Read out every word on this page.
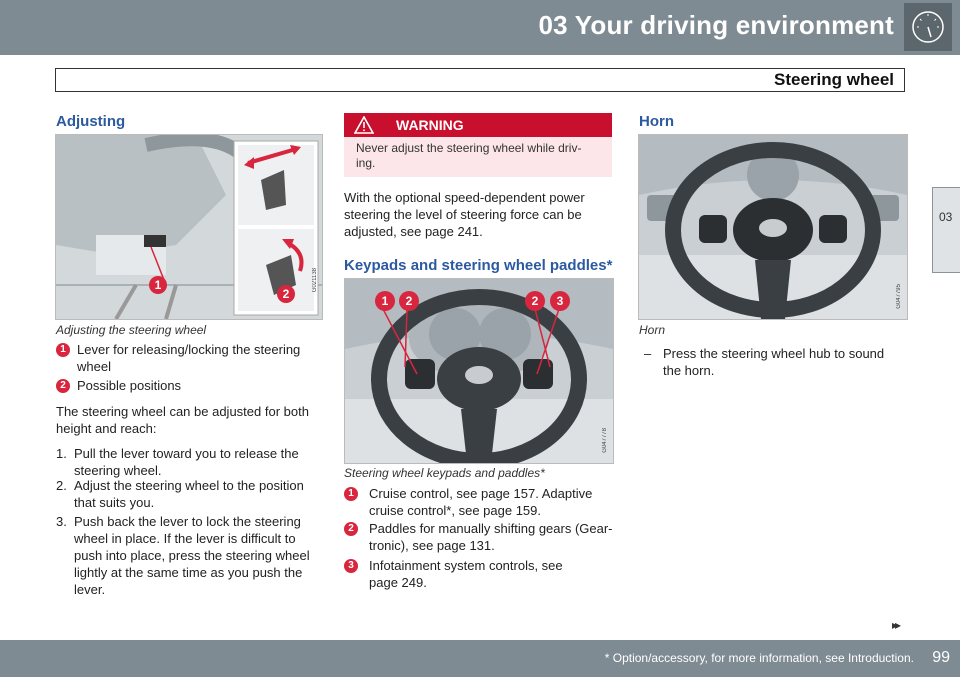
03 Your driving environment
Steering wheel
03
Adjusting
1
2
G021138
Adjusting the steering wheel
1 Lever for releasing/locking the steering
wheel
2 Possible positions
The steering wheel can be adjusted for both
height and reach:
1. Pull the lever toward you to release the
steering wheel.
2. Adjust the steering wheel to the position
that suits you.
3. Push back the lever to lock the steering
wheel in place. If the lever is difficult to
push into place, press the steering wheel
lightly at the same time as you push the
lever.
WARNING
Never adjust the steering wheel while driv-
ing.
With the optional speed-dependent power
steering the level of steering force can be
adjusted, see page 241.
Keypads and steering wheel paddles*
1	2	2	3
G047778
Steering wheel keypads and paddles*
1	Cruise control, see page 157. Adaptive
cruise control*, see page 159.
2	Paddles for manually shifting gears (Gear-
tronic), see page 131.
3	Infotainment system controls, see
page 249.
Horn
G047795
Horn
– Press the steering wheel hub to sound
the horn.
▸▸
* Option/accessory, for more information, see Introduction. 99
